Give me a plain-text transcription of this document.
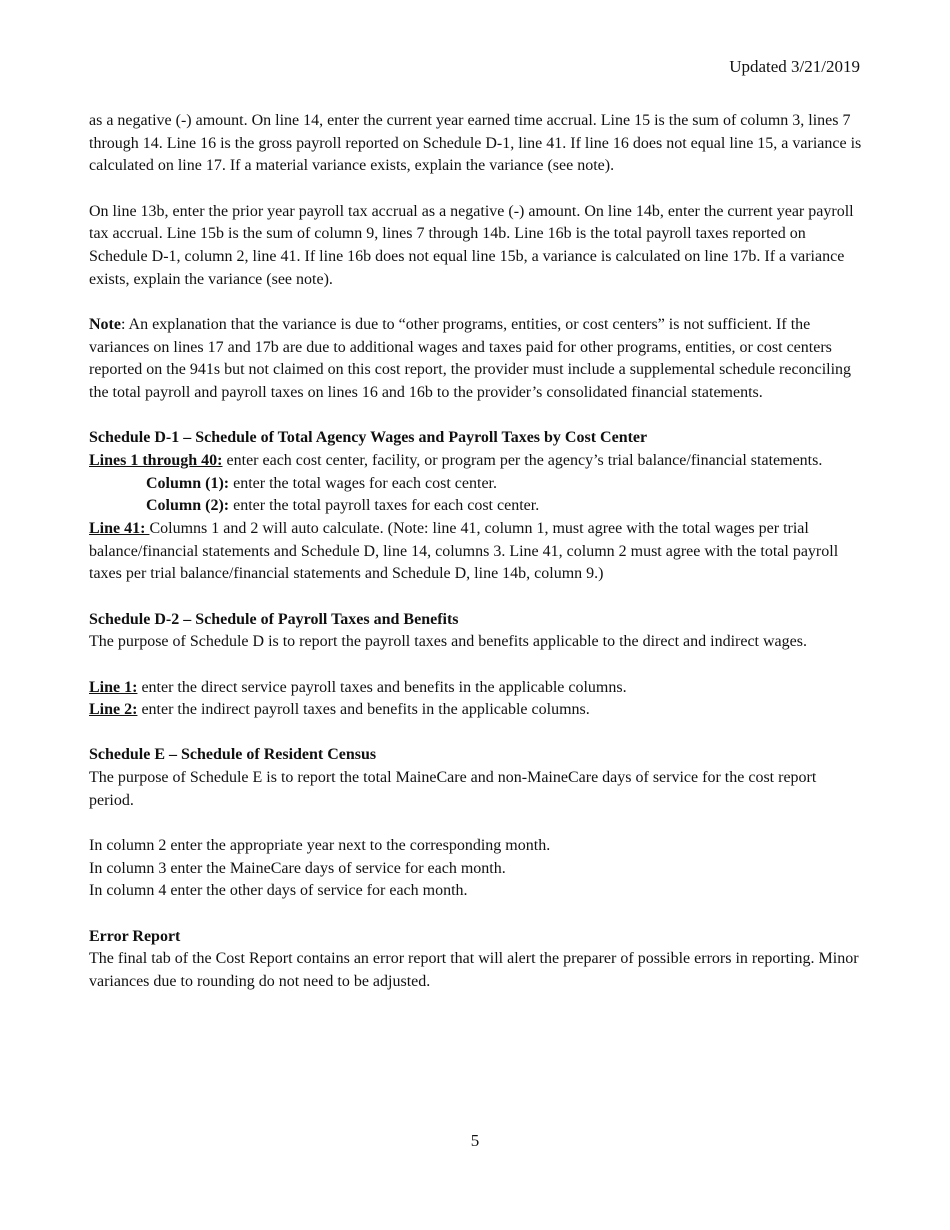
Updated 3/21/2019

as a negative (-) amount. On line 14, enter the current year earned time accrual. Line 15 is the sum of column 3, lines 7 through 14. Line 16 is the gross payroll reported on Schedule D-1, line 41. If line 16 does not equal line 15, a variance is calculated on line 17. If a material variance exists, explain the variance (see note).

On line 13b, enter the prior year payroll tax accrual as a negative (-) amount. On line 14b, enter the current year payroll tax accrual. Line 15b is the sum of column 9, lines 7 through 14b. Line 16b is the total payroll taxes reported on Schedule D-1, column 2, line 41. If line 16b does not equal line 15b, a variance is calculated on line 17b. If a variance exists, explain the variance (see note).

Note: An explanation that the variance is due to “other programs, entities, or cost centers” is not sufficient. If the variances on lines 17 and 17b are due to additional wages and taxes paid for other programs, entities, or cost centers reported on the 941s but not claimed on this cost report, the provider must include a supplemental schedule reconciling the total payroll and payroll taxes on lines 16 and 16b to the provider’s consolidated financial statements.

Schedule D-1 – Schedule of Total Agency Wages and Payroll Taxes by Cost Center

Lines 1 through 40: enter each cost center, facility, or program per the agency’s trial balance/financial statements.

Column (1): enter the total wages for each cost center.

Column (2): enter the total payroll taxes for each cost center.

Line 41: Columns 1 and 2 will auto calculate. (Note: line 41, column 1, must agree with the total wages per trial balance/financial statements and Schedule D, line 14, columns 3. Line 41, column 2 must agree with the total payroll taxes per trial balance/financial statements and Schedule D, line 14b, column 9.)

Schedule D-2 – Schedule of Payroll Taxes and Benefits

The purpose of Schedule D is to report the payroll taxes and benefits applicable to the direct and indirect wages.

Line 1: enter the direct service payroll taxes and benefits in the applicable columns.

Line 2: enter the indirect payroll taxes and benefits in the applicable columns.

Schedule E – Schedule of Resident Census

The purpose of Schedule E is to report the total MaineCare and non-MaineCare days of service for the cost report period.

In column 2 enter the appropriate year next to the corresponding month.

In column 3 enter the MaineCare days of service for each month.

In column 4 enter the other days of service for each month.

Error Report

The final tab of the Cost Report contains an error report that will alert the preparer of possible errors in reporting. Minor variances due to rounding do not need to be adjusted.

5
